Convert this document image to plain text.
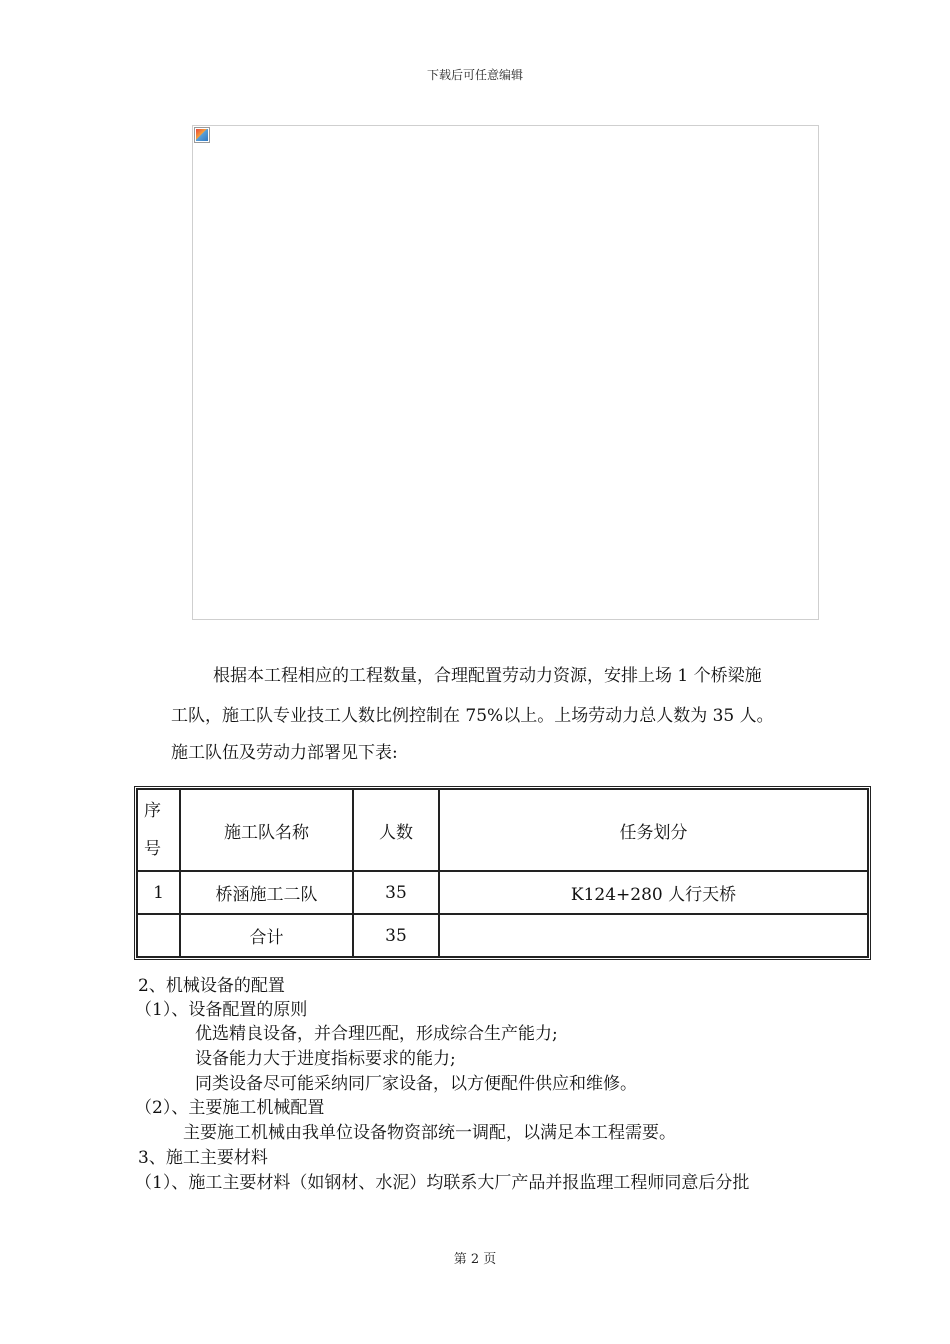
下载后可任意编辑
根据本工程相应的工程数量，合理配置劳动力资源，安排上场 1 个桥梁施
工队，施工队专业技工人数比例控制在 75%以上。上场劳动力总人数为 35 人。
施工队伍及劳动力部署见下表:
序
号	施工队名称	人数	任务划分
1	桥涵施工二队	35	K124+280 人行天桥
	合计	35	
2、机械设备的配置
（1）、设备配置的原则
优选精良设备，并合理匹配，形成综合生产能力;
设备能力大于进度指标要求的能力;
同类设备尽可能采纳同厂家设备，以方便配件供应和维修。
（2）、主要施工机械配置
主要施工机械由我单位设备物资部统一调配，以满足本工程需要。
3、施工主要材料
（1）、施工主要材料（如钢材、水泥）均联系大厂产品并报监理工程师同意后分批
第 2 页
